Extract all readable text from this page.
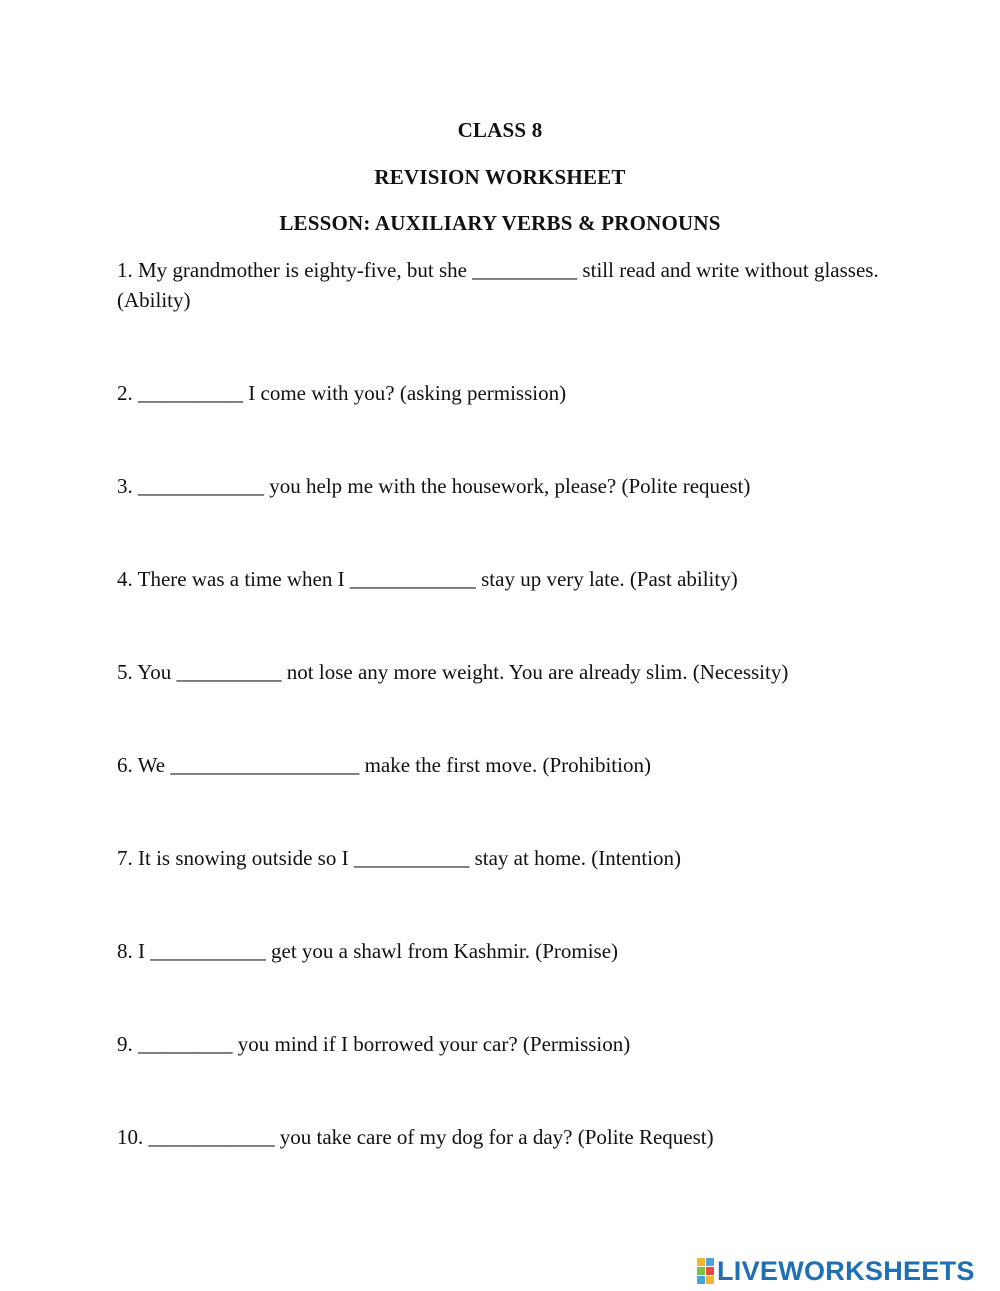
CLASS 8
REVISION WORKSHEET
LESSON: AUXILIARY VERBS & PRONOUNS
1. My grandmother is eighty-five, but she __________ still read and write without glasses. (Ability)
2. __________ I come with you? (asking permission)
3. ____________ you help me with the housework, please? (Polite request)
4. There was a time when I ____________ stay up very late. (Past ability)
5. You __________ not lose any more weight. You are already slim. (Necessity)
6. We __________________ make the first move. (Prohibition)
7. It is snowing outside so I ___________ stay at home. (Intention)
8. I ___________ get you a shawl from Kashmir. (Promise)
9. _________ you mind if I borrowed your car? (Permission)
10. ____________ you take care of my dog for a day? (Polite Request)
LIVEWORKSHEETS
